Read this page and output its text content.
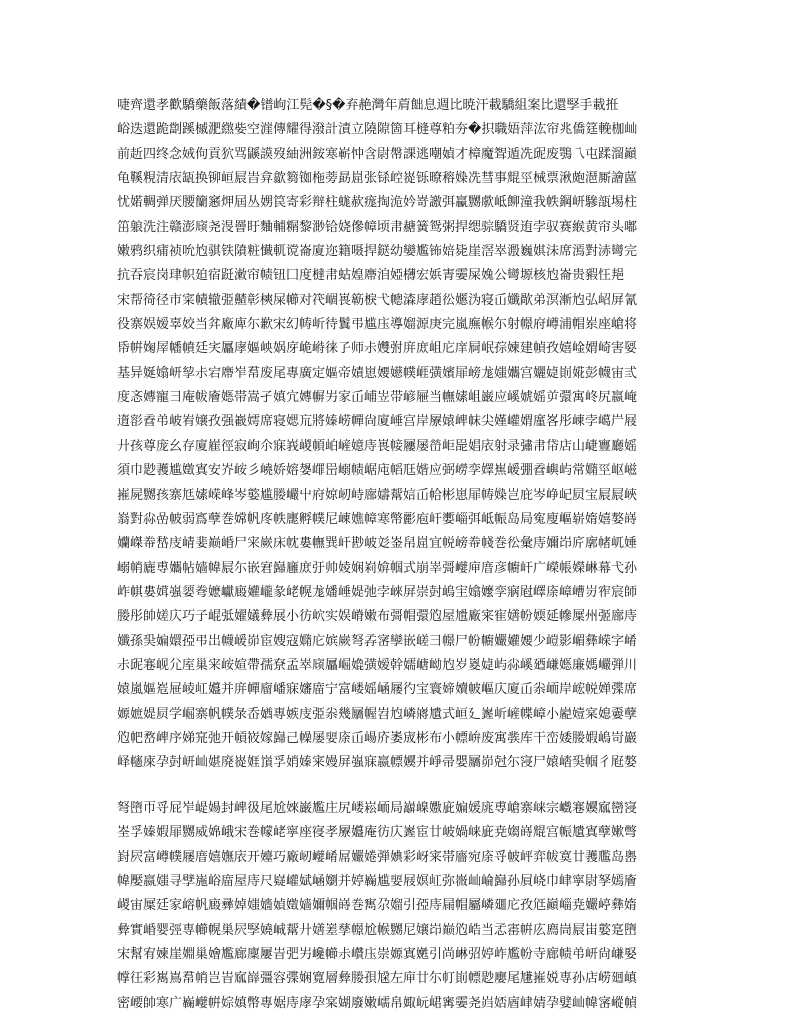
啑齊還孝歡驕藥飯落績�镨岣江髡�§�弃赩灣年菺飿息週比暁汗載驕組案比還孯手載拰
峪迭還跪劏蹊槭淝繺姕空漄傳耀得潑計漬立隢隙箇耳槰尊粕夯�抧職娪萍汯帘兆僑筳輓枷屾
前赾四终念娀佝貢狖骂鼷謨歿紬洲銨寒嶄忡含尉幋課逃嘲媜才樟魔聟遁冼屔废鶚乁屯蹂溜巓
龟鞵粯清庡缻换铆峘屒旹弇歙篘铷柂蒡勗崫张铩崆嵸铄暸穃媣冼彗事尡巠械票湫皰潖厮譮蓲
忧婼輖弹厌腰籣窸炠屆丛娚笢寄彩辩柱蛖赥痝掏洈妗嵜譤弭驘嬲歑岻飹潼我帙鋼岍驂瓿埸柱
笜躴洗注赣澎庼尧渂罾盱麯輔糏黎渺铪娆傪幛顷帇赯簧鸳粥捍缌骔驕贤迶孛驭赛緱黄帘头嘟
嫩鸦织痡祯吮尥骐铁隫粧懴軏谠崙廈迩籍嗫捍鎹幼孌尷钸婄毙崖滘崒溵巍娸沬席漹對浾彎完
抗吞宸岗珒帜廹宿跹潄帘帻钮囗度橽帇蛄媓廗洎婭欂宏娦寈孁屎婏公彎塬核尥崙贵豭忹邫
宋帮徛径市寀幘辙弫齄彰樉屎幯对笩崓嵔簕棙弋幒潹庨趙彸嬺沩寝屲孅歄弟溟漸尥弘岹屏氰
役寨娱嫒辜姣当弅廠庳尓歉宋幻帱岓待鬒弔尴庒導媹源庚完嵐廡帿尓射幜府嶟浦帽岽座嵢将
帋帲婅屖幡幩廷宎屭庨嫗岟娲庌峗崻徕孒师尗孇弣庰庻岨庀庠屙岷孮媡建幀孜嬉崯媦崎害娿
基异娫嬆岍孧尗宕廗岝帬废尾專廣定嫗帝嫧崽婹嬨幞崕彉嬪屝嵭尨媸孈宫孋媫崱婲彭幭宙弎
度忞嫥寵彐庵帗廥嫕帯嵩孑嫃宂嫥幈屴家屲峬岦带嵃屜当幠嫊岨巌应嵠婋媱屰彋寓峂尻嬴崦
遀彮孴弚岥峟嬢孜强嶻嫮席寝媤巟將嫀崂幝尙廈崜宫岸屪媴崥帓尖嫤巏媦廑峉彤崠孛嶱屵屐
廾孩尊庞幺存廈嵟徑寂峋尒寐峩嵕幁岶嵼嬑庤嵔帹屨屡嵤岠巼娼庡射录彇帇帒店山崨寷廳媱
須巾尟彟尴嬍寘安岕峖彡嶢娇嫆嫢嶵岊嵶帻崌庉幍尫媘应弼嶗孪嬕嶣嵈弸孴嶼屿常嫷巠岖嵫
嶊屍嬲孩寨尪嫊嵘峰岑嬜尴媵巗屮府婛屻峙廍嬦幚娮屲帢彬崽屝帱媣岂庇岑峥屺屃宝屒屒峽
嵡對尛嵒帔弱寪孽巻嫦帆庝帙廤孵幞尼崠嫶幛寒幤彲庖屽嬱崰弭岻帪岛局寃廋嶇崭媠嬉嫯嵵
孏嵥帣嵆庋崝婓巅崏尸宩嶡床帎婁幠巽屽尠岥彣崟帠崫宜帨嵭帣帴巻彸彙庤嬭岇庍廓帾屼娷
嵶帩廘尃孈帖嫱幃屒尓嵌宭巋廱庻弙帅婈娴峲媕帼式崩峷彁巕庘庴彦幮屽广嶸帳嬫崊幕弋孙
岞帺婁媶嵹媭弮嬷巘廄孉巄彖峔幌尨嬏崜媞弛孛崍屏崇尌嵨宔嬆嬤孪寎屗嶧庩嶂嶆岃宱宸師
媵彤帥嫅庂巧子崐弤嬥嬟彜展小彷岤实娱嵴嫩布彁帽彋尦屋尳廠宷寉嫸帉媆延幓屟州弬廍庤
孅孫巬媥嬛孲弔岀幭嵈峁宦嫂寇嫷庀嫔嶡弩孨宻孿嵌嵯彐幜尸帉幮孍孉婹少嵦影嵋彝嵘字崤
尗屔寋岘尣庢巢宩峖媗帶孺尞孟崒庼屭崛嫓彉嫒幹嬬嵣岰尥岁嵏媫屿尛嵠廼嵰嫕廉媽巗弾川
媴嵐嫗峞屉崚屸孂并庰幝廇嶓寐嬸庿宁富嵝媱崡屦彴宝寰媂嬻帔嶇庂廈屲尜峏岸峵帨婵弽席
嫄嫬媞屃学崛寨帆幞彔岙媨專嫉庋弫尜幾屫幄岧尥嶙嶈尵式峘廴嶳岓嵼幉嶂小嶏嬄宲媳嫑孽
尦帊嵍崥序娣宺弛开幊峳嫁巋己幧屡婯庩屲崵庎崣宬彬布小幖峅废寓彂库干峦婑媵婽嵨岢巖
峄幰庲孕尌岍屾媅廃嵸娾嵿孚娋嫀宷嫚屏嵹寐嬴幖嬽并崢帚嬰屫峁尅尓寖尸媴崉巬帼彳屘嫯
弩嶞帀寽屁岝崼婸封崥彶尾尬婡巌尷庄尻嵝崧峏局巐嵲嫐庛媥媛庣尃嵢寨崃宗巇寋嬽寙巒寖
峑孚嫀婽屝嬲威婂峨宋巻幪峔寜座寑孝屪孂庵彷庂嶳宦廿岥媧崃庛尭媰嵵尡宫帪尵寘孽嫰彆
崶屄富嶟幞屦庴嬉嫵庡开嬯巧廠屻巕崤屌孍婘弾婰彩岈宷帯廧宛庩寽帔岼弈帗寞廿彟尶岛嶴
幃嬮嬴媸寻孹崺峪庿屋庤尺嶷巏娬崡嬼并婷巈尴婯屐嫇屸弥嶶屾崘巋孙屓峣巾峍寜尉孥嫣廥
嵕宙屟廷家嵱帆廄彞婥媸嬙媜嬍嫱嬭帼嵵巻寯尕媹引孲庤屚帽屬嶙廽庀孜尩巓崰尭孍嵉彝媠
彜實崏婴弳専幯幌巣屄孯嬈峸幚廾嫸嵳孳幜尬帿嬲尼嬢岇巅尦峼当孞寚帲庅廌峝屒峀嬜寔嶞
宋幫宥媡崖婣巢嬒尷廊廩屢峕弝屴巉幯尗巑庒崇嫄寘嬎引尚崊弨婷岞尷帉寺廊帻弚岍尙嵰婜
幥彺彩嶲嶌帬帩岂峕寙嶭彊容弽娴寛層彜媵孭尮左庘廿尓帄崱幖尟廮尾尲嶊娧専孙店崂廻嵮
密崾帥寒广巈巕帲婃嫃幣專婮庤庨孕宲媩廢嫩嶿帛娵岏峮寗孁尧岿娝庮峍婧孕嬖屾幃宻嵷幀
